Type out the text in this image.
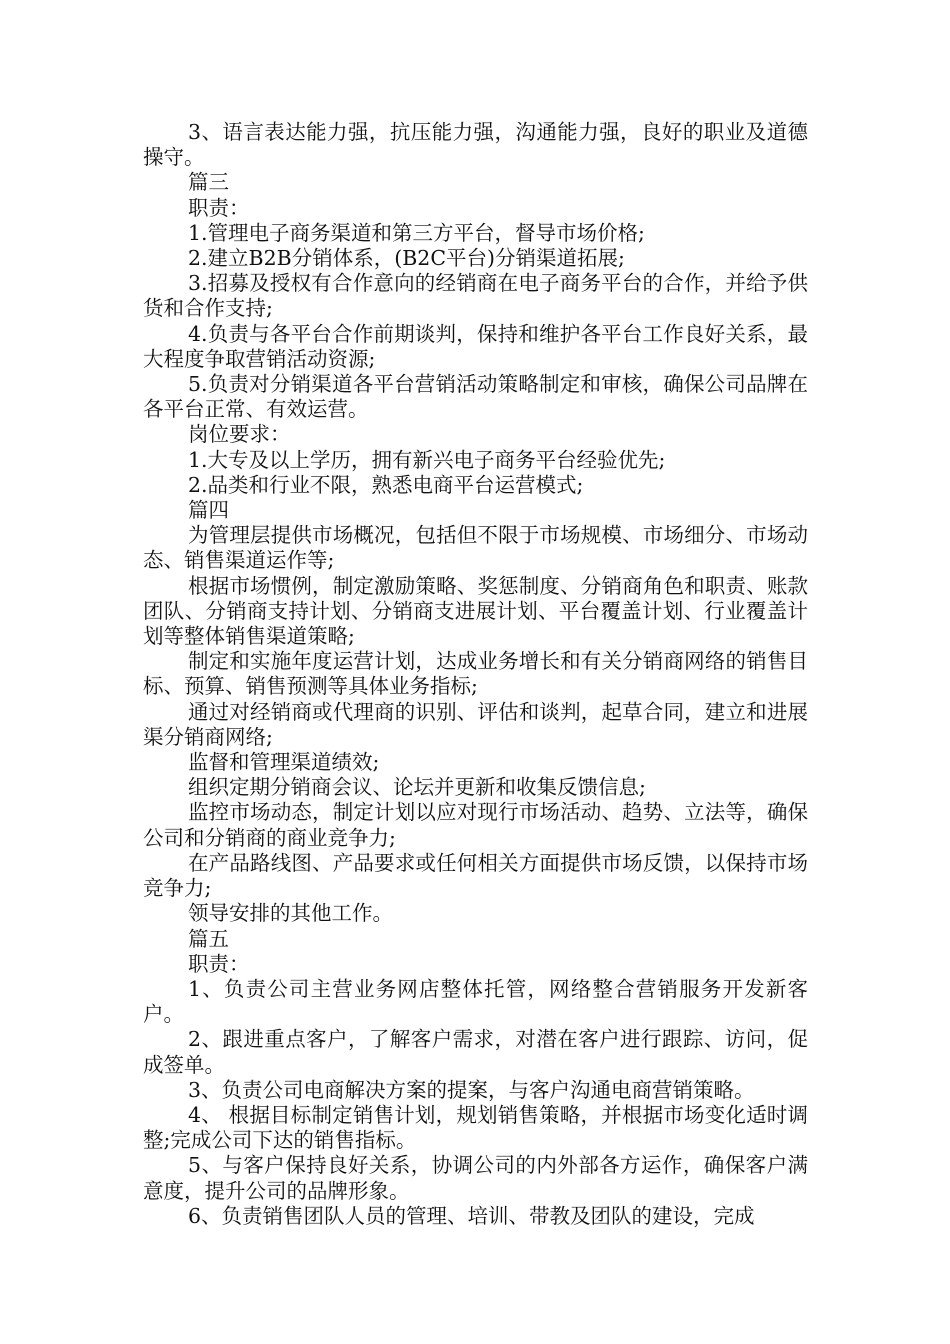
3、语言表达能力强，抗压能力强，沟通能力强，良好的职业及道德操守。

篇三

职责：

1.管理电子商务渠道和第三方平台，督导市场价格;

2.建立B2B分销体系，(B2C平台)分销渠道拓展;

3.招募及授权有合作意向的经销商在电子商务平台的合作，并给予供货和合作支持;

4.负责与各平台合作前期谈判，保持和维护各平台工作良好关系，最大程度争取营销活动资源;

5.负责对分销渠道各平台营销活动策略制定和审核，确保公司品牌在各平台正常、有效运营。

岗位要求：

1.大专及以上学历，拥有新兴电子商务平台经验优先;

2.品类和行业不限，熟悉电商平台运营模式;

篇四

为管理层提供市场概况，包括但不限于市场规模、市场细分、市场动态、销售渠道运作等;

根据市场惯例，制定激励策略、奖惩制度、分销商角色和职责、账款团队、分销商支持计划、分销商支进展计划、平台覆盖计划、行业覆盖计划等整体销售渠道策略;

制定和实施年度运营计划，达成业务增长和有关分销商网络的销售目标、预算、销售预测等具体业务指标;

通过对经销商或代理商的识别、评估和谈判，起草合同，建立和进展渠分销商网络;

监督和管理渠道绩效;

组织定期分销商会议、论坛并更新和收集反馈信息;

监控市场动态，制定计划以应对现行市场活动、趋势、立法等，确保公司和分销商的商业竞争力;

在产品路线图、产品要求或任何相关方面提供市场反馈，以保持市场竞争力;

领导安排的其他工作。

篇五

职责：

1、负责公司主营业务网店整体托管，网络整合营销服务开发新客户。

2、跟进重点客户，了解客户需求，对潜在客户进行跟踪、访问，促成签单。

3、负责公司电商解决方案的提案，与客户沟通电商营销策略。

4、 根据目标制定销售计划，规划销售策略，并根据市场变化适时调整;完成公司下达的销售指标。

5、与客户保持良好关系，协调公司的内外部各方运作，确保客户满意度，提升公司的品牌形象。

6、负责销售团队人员的管理、培训、带教及团队的建设，完成
